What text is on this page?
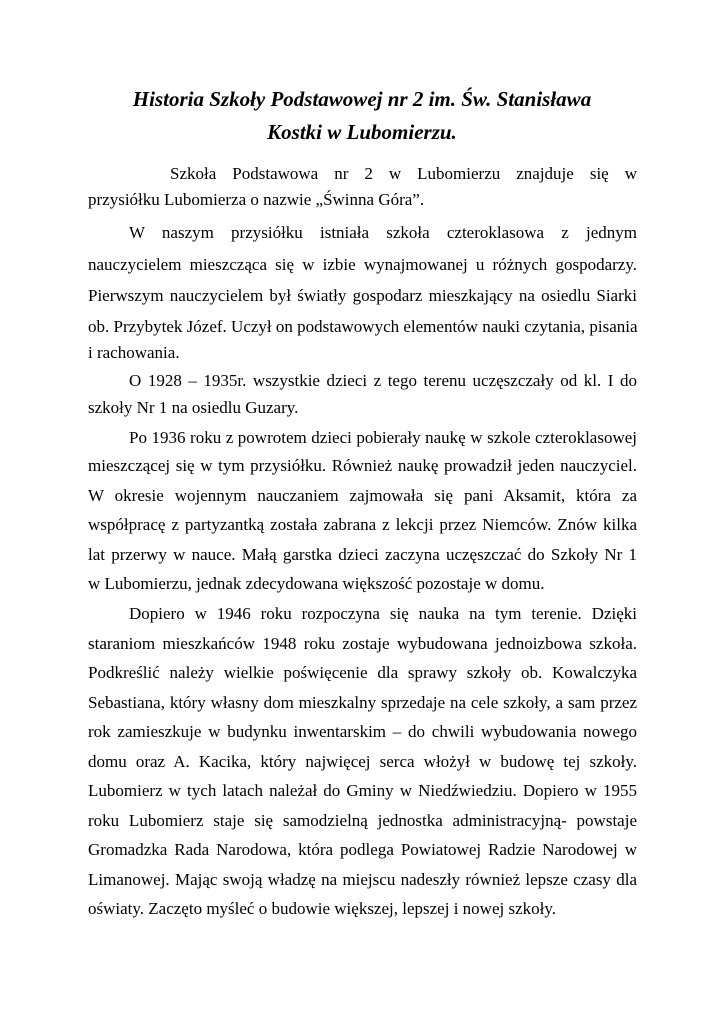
Historia Szkoły Podstawowej nr 2 im. Św. Stanisława
Kostki w Lubomierzu.

Szkoła Podstawowa nr 2 w Lubomierzu znajduje się w

przysiółku Lubomierza o nazwie „Świnna Góra”.

W naszym przysiółku istniała szkoła czteroklasowa z jednym

nauczycielem mieszcząca się w izbie wynajmowanej u różnych gospodarzy.

Pierwszym nauczycielem był światły gospodarz mieszkający na osiedlu Siarki

ob. Przybytek Józef. Uczył on podstawowych elementów nauki czytania, pisania

i rachowania.

O 1928 – 1935r. wszystkie dzieci z tego terenu uczęszczały od kl. I do

szkoły Nr 1 na osiedlu Guzary.

Po 1936 roku z powrotem dzieci pobierały naukę w szkole czteroklasowej

mieszczącej się w tym przysiółku. Również naukę prowadził jeden nauczyciel.

W okresie wojennym nauczaniem zajmowała się pani Aksamit, która za

współpracę z partyzantką została zabrana z lekcji przez Niemców. Znów kilka

lat przerwy w nauce. Małą garstka dzieci zaczyna uczęszczać do Szkoły Nr 1

w Lubomierzu, jednak zdecydowana większość pozostaje w domu.

Dopiero w 1946 roku rozpoczyna się nauka na tym terenie. Dzięki

staraniom mieszkańców 1948 roku zostaje wybudowana jednoizbowa szkoła.

Podkreślić należy wielkie poświęcenie dla sprawy szkoły ob. Kowalczyka

Sebastiana, który własny dom mieszkalny sprzedaje na cele szkoły, a sam przez

rok zamieszkuje w budynku inwentarskim – do chwili wybudowania nowego

domu oraz A. Kacika, który najwięcej serca włożył w budowę tej szkoły.

Lubomierz w tych latach należał do Gminy w Niedźwiedziu. Dopiero w 1955

roku Lubomierz staje się samodzielną jednostka administracyjną- powstaje

Gromadzka Rada Narodowa, która podlega Powiatowej Radzie Narodowej w

Limanowej. Mając swoją władzę na miejscu nadeszły również lepsze czasy dla

oświaty. Zaczęto myśleć o budowie większej, lepszej i nowej szkoły.
